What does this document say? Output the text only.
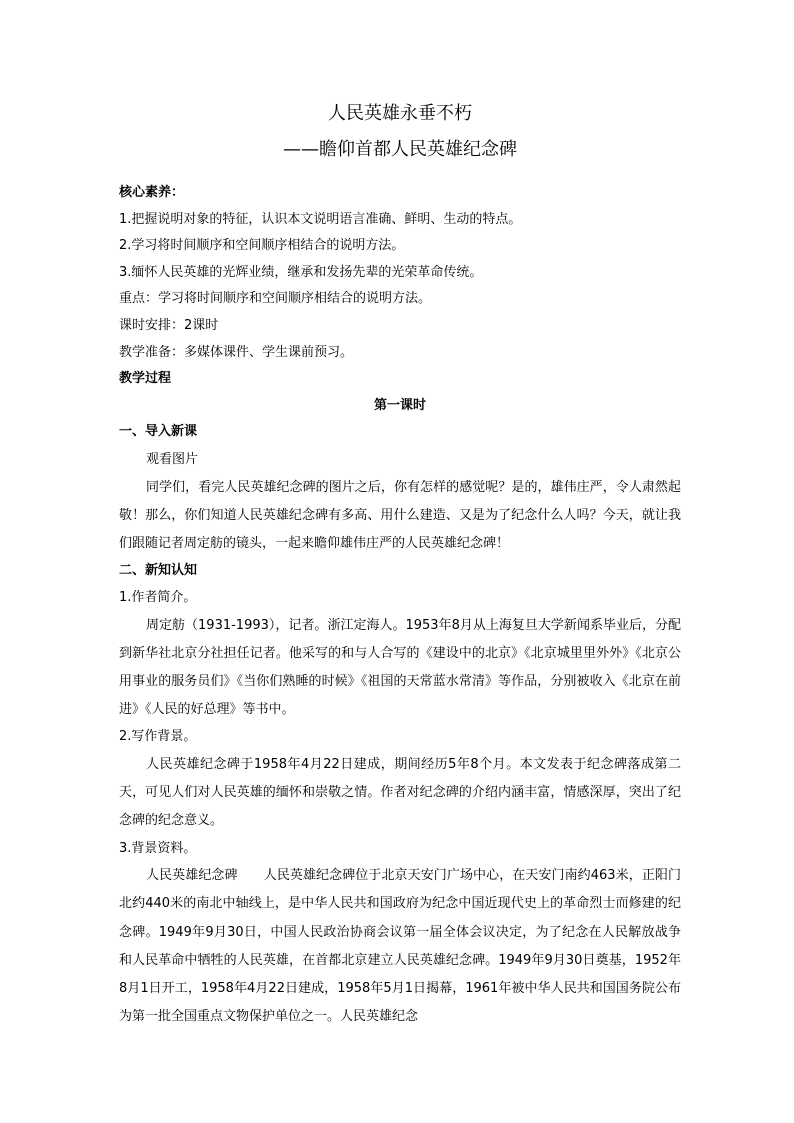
人民英雄永垂不朽
——瞻仰首都人民英雄纪念碑

核心素养：

1.把握说明对象的特征，认识本文说明语言准确、鲜明、生动的特点。

2.学习将时间顺序和空间顺序相结合的说明方法。

3.缅怀人民英雄的光辉业绩，继承和发扬先辈的光荣革命传统。

重点：学习将时间顺序和空间顺序相结合的说明方法。

课时安排：2课时

教学准备：多媒体课件、学生课前预习。

教学过程

第一课时

一、导入新课

观看图片

同学们，看完人民英雄纪念碑的图片之后，你有怎样的感觉呢？是的，雄伟庄严，令人肃然起敬！那么，你们知道人民英雄纪念碑有多高、用什么建造、又是为了纪念什么人吗？今天，就让我们跟随记者周定舫的镜头，一起来瞻仰雄伟庄严的人民英雄纪念碑！

二、新知认知

1.作者简介。

周定舫（1931-1993），记者。浙江定海人。1953年8月从上海复旦大学新闻系毕业后，分配到新华社北京分社担任记者。他采写的和与人合写的《建设中的北京》《北京城里里外外》《北京公用事业的服务员们》《当你们熟睡的时候》《祖国的天常蓝水常清》等作品，分别被收入《北京在前进》《人民的好总理》等书中。

2.写作背景。

人民英雄纪念碑于1958年4月22日建成，期间经历5年8个月。本文发表于纪念碑落成第二天，可见人们对人民英雄的缅怀和崇敬之情。作者对纪念碑的介绍内涵丰富，情感深厚，突出了纪念碑的纪念意义。

3.背景资料。

人民英雄纪念碑　　人民英雄纪念碑位于北京天安门广场中心，在天安门南约463米，正阳门北约440米的南北中轴线上，是中华人民共和国政府为纪念中国近现代史上的革命烈士而修建的纪念碑。1949年9月30日，中国人民政治协商会议第一届全体会议决定，为了纪念在人民解放战争和人民革命中牺牲的人民英雄，在首都北京建立人民英雄纪念碑。1949年9月30日奠基，1952年8月1日开工，1958年4月22日建成，1958年5月1日揭幕，1961年被中华人民共和国国务院公布为第一批全国重点文物保护单位之一。人民英雄纪念
